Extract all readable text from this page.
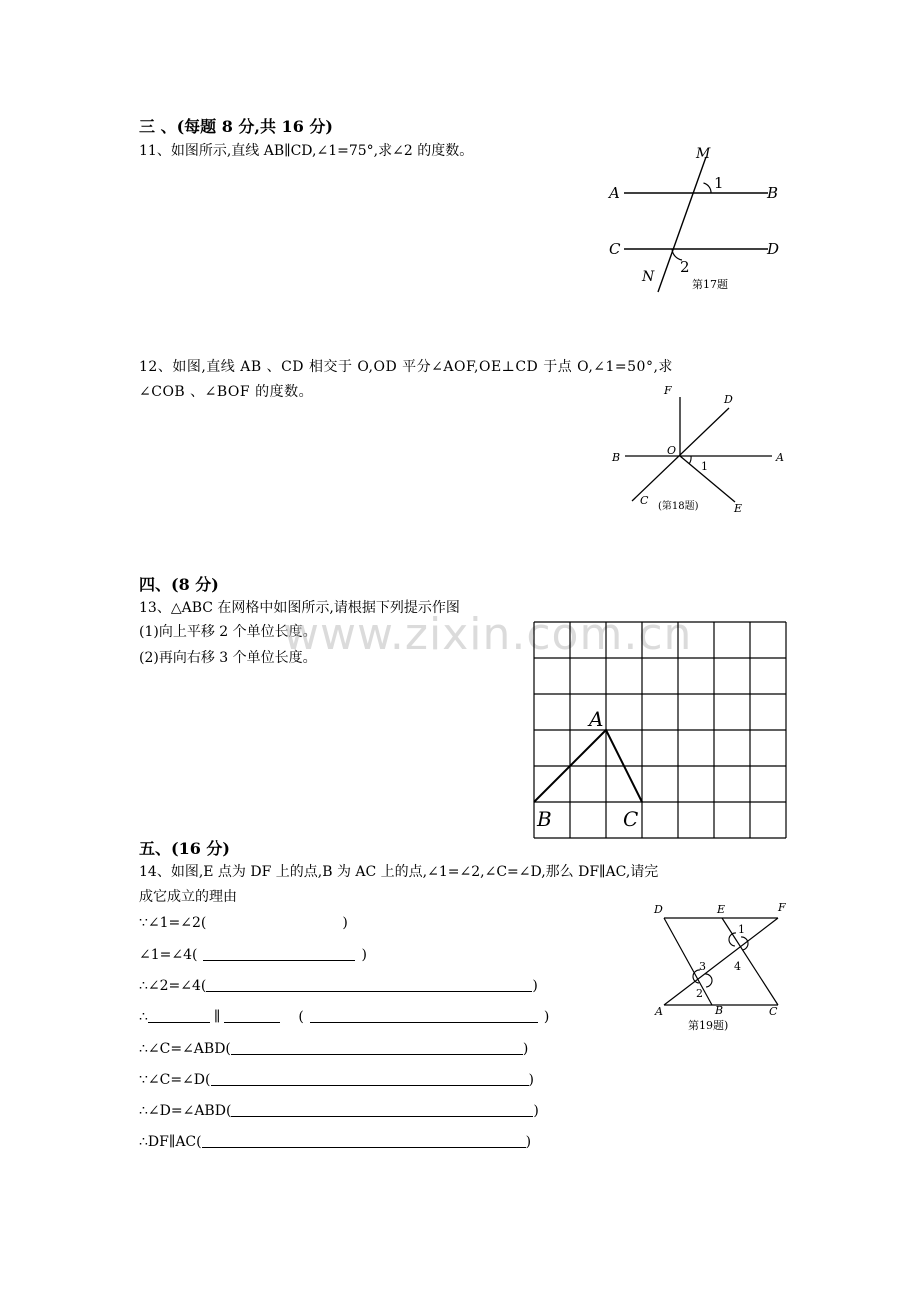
三 、(每题 8 分,共 16 分)
11、如图所示,直线 AB∥CD,∠1=75°,求∠2 的度数。	M
A	B
1
C	D
2
N	第17题
12、如图,直线 AB 、CD 相交于 O,OD 平分∠AOF,OE⊥CD 于点 O,∠1=50°,求
∠COB 、∠BOF 的度数。	F
D
O
B	A
1
C (第18题)	E
四、(8 分)
13、△ABC 在网格中如图所示,请根据下列提示作图
(1)向上平移 2 个单位长度。
(2)再向右移 3 个单位长度。
www.zixin.com.cn
A
B	C
五、(16 分)
14、如图,E 点为 DF 上的点,B 为 AC 上的点,∠1=∠2,∠C=∠D,那么 DF∥AC,请完
成它成立的理由
∵∠1=∠2(	)
∠1=∠4(	)
∴∠2=∠4(	)
∴	∥	(	)
∴∠C=∠ABD(	)
∵∠C=∠D(	)
∴∠D=∠ABD(	)
∴DF∥AC(	)
D	E	F
1
4
3
2
A	B	C
第19题)
